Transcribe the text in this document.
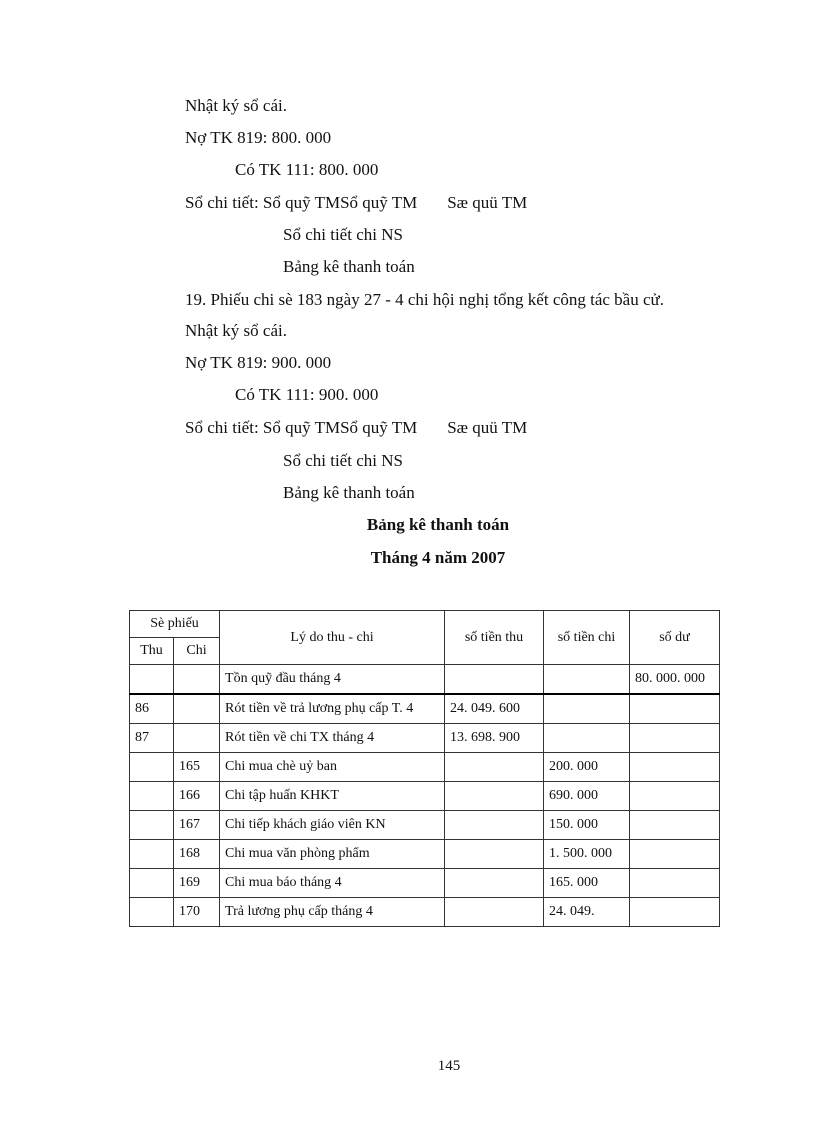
Nhật ký sổ cái.
Nợ TK 819: 800. 000
Có TK 111: 800. 000
Sổ chi tiết: Sổ quỹ TMSổ quỹ TM Sæ quü TM
Sổ chi tiết chi NS
Bảng kê thanh toán
19. Phiếu chi sè 183 ngày 27 - 4 chi hội nghị tổng kết công tác bầu cử.
Nhật ký sổ cái.
Nợ TK 819: 900. 000
Có TK 111: 900. 000
Sổ chi tiết: Sổ quỹ TMSổ quỹ TM Sæ quü TM
Sổ chi tiết chi NS
Bảng kê thanh toán
Bảng kê thanh toán
Tháng 4 năm 2007
Sè phiếu		Lý do thu - chi	số tiền thu	số tiền chi	số dư
Thu	Chi				
		Tồn quỹ đầu tháng 4			80. 000. 000
86		Rót tiền về trả lương phụ cấp T. 4	24. 049. 600		
87		Rót tiền về chi TX tháng 4	13. 698. 900		
	165	Chi mua chè uỷ ban		200. 000	
	166	Chi tập huấn KHKT		690. 000	
	167	Chi tiếp khách giáo viên KN		150. 000	
	168	Chi mua văn phòng phẩm		1. 500. 000	
	169	Chi mua báo tháng 4		165. 000	
	170	Trả lương phụ cấp tháng 4		24. 049.	
145
